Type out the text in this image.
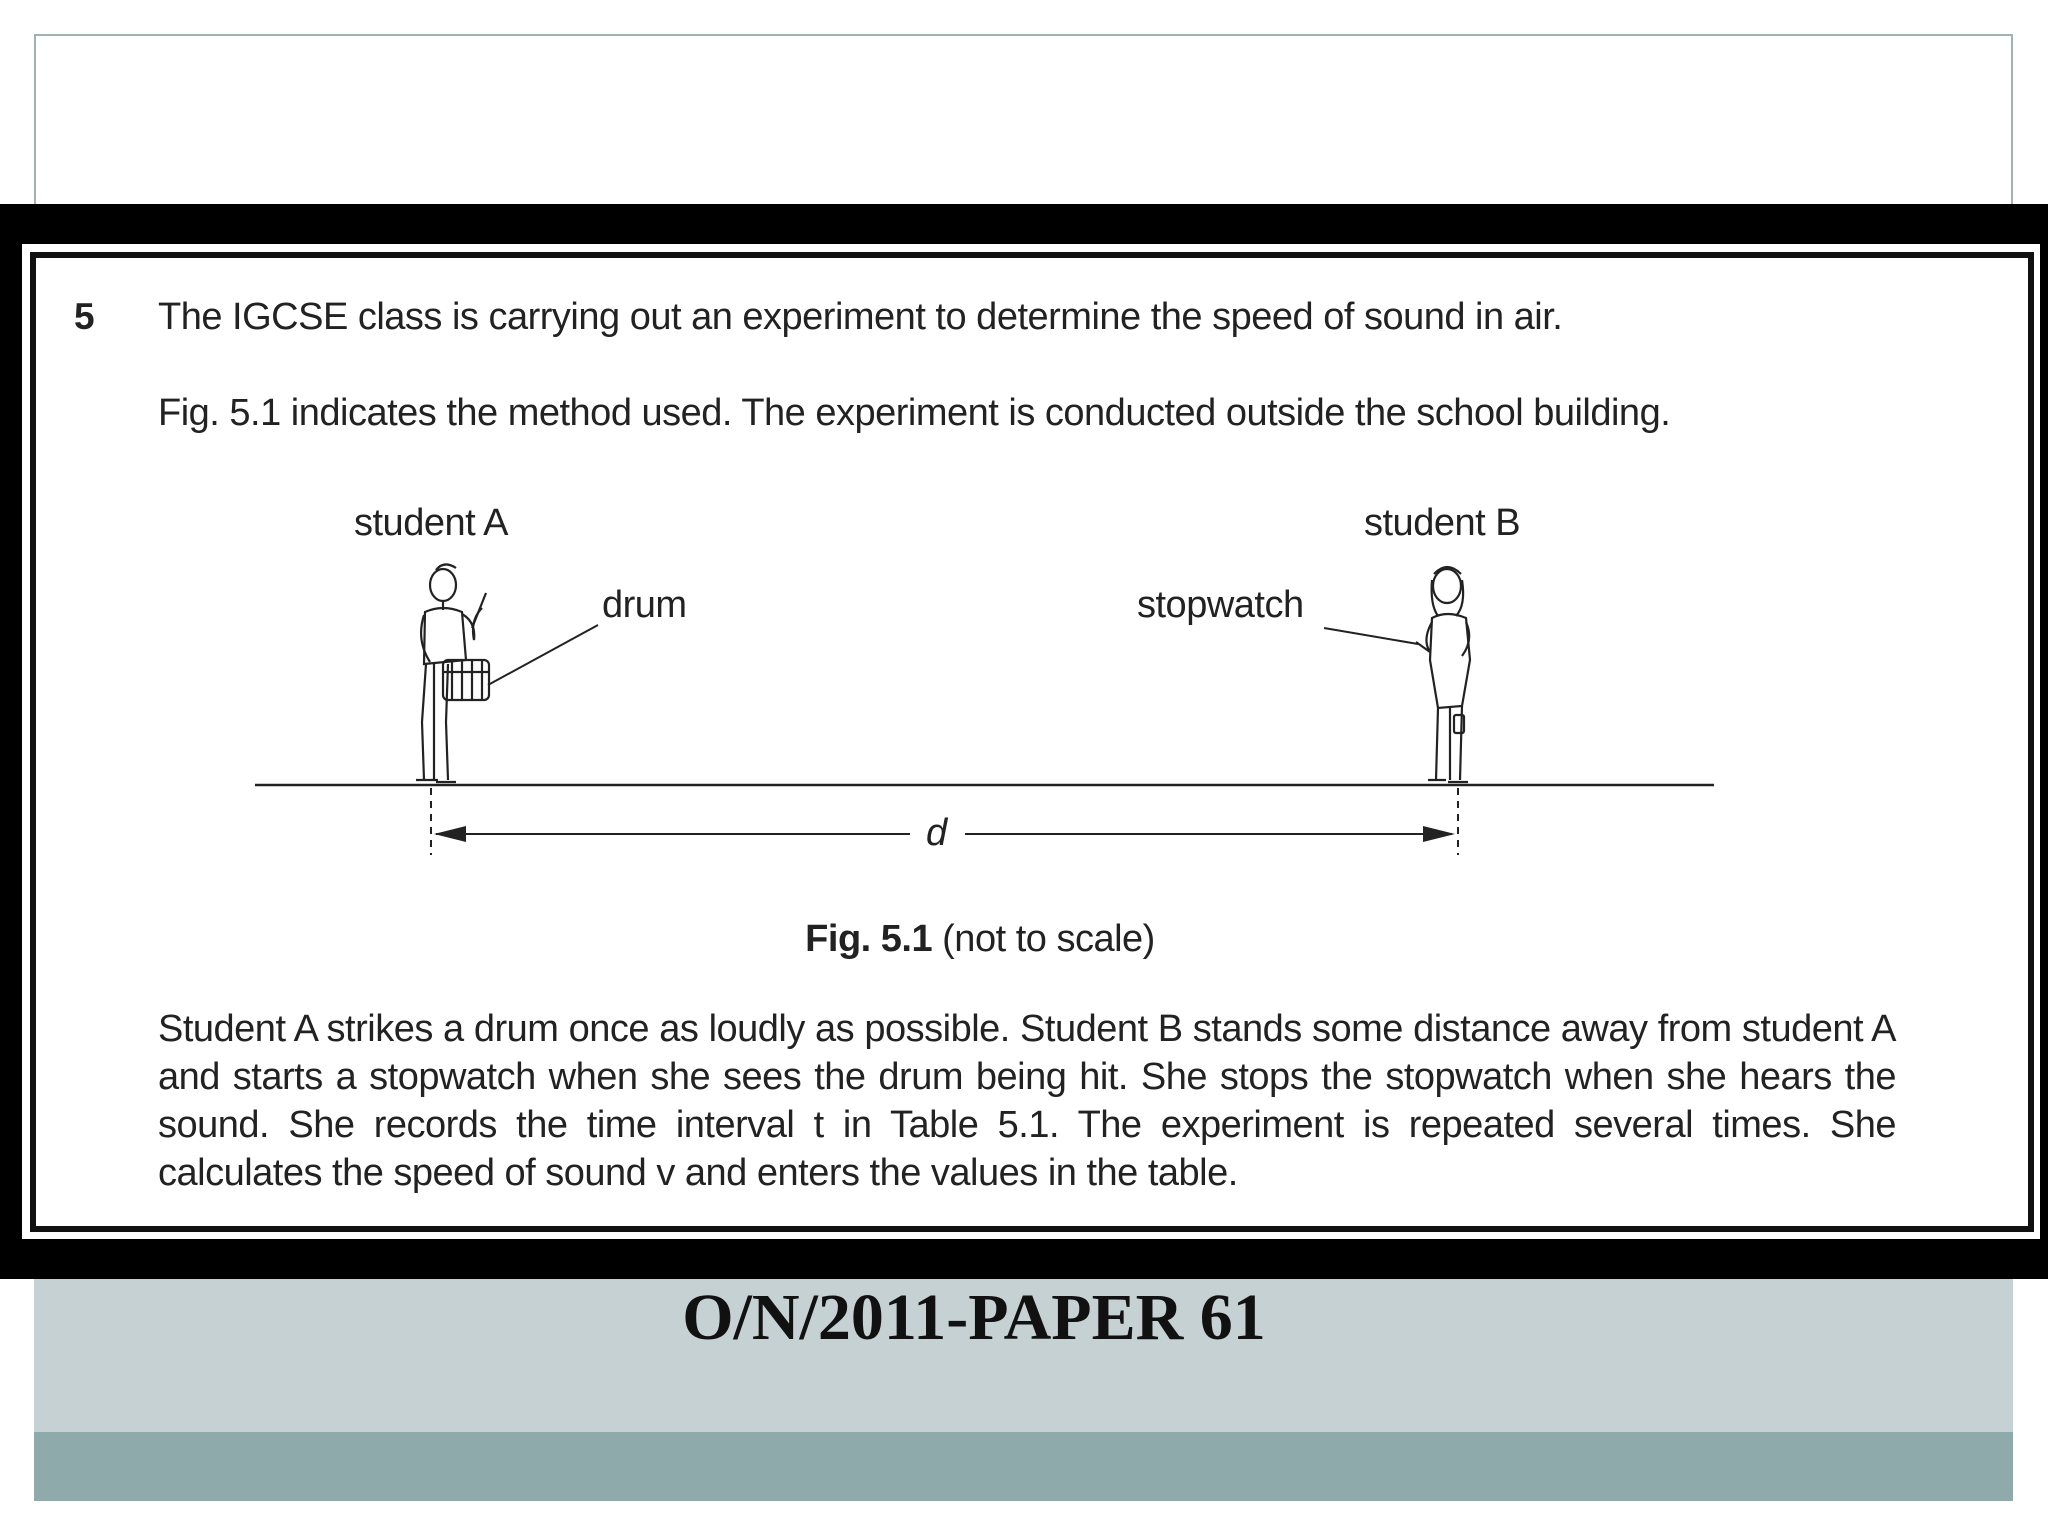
5 The IGCSE class is carrying out an experiment to determine the speed of sound in air.
Fig. 5.1 indicates the method used. The experiment is conducted outside the school building.
student A	student B
drum	stopwatch
d
Fig. 5.1 (not to scale)
Student A strikes a drum once as loudly as possible. Student B stands some distance away from student A and starts a stopwatch when she sees the drum being hit. She stops the stopwatch when she hears the sound. She records the time interval t in Table 5.1. The experiment is repeated several times. She calculates the speed of sound v and enters the values in the table.
O/N/2011-PAPER 61
